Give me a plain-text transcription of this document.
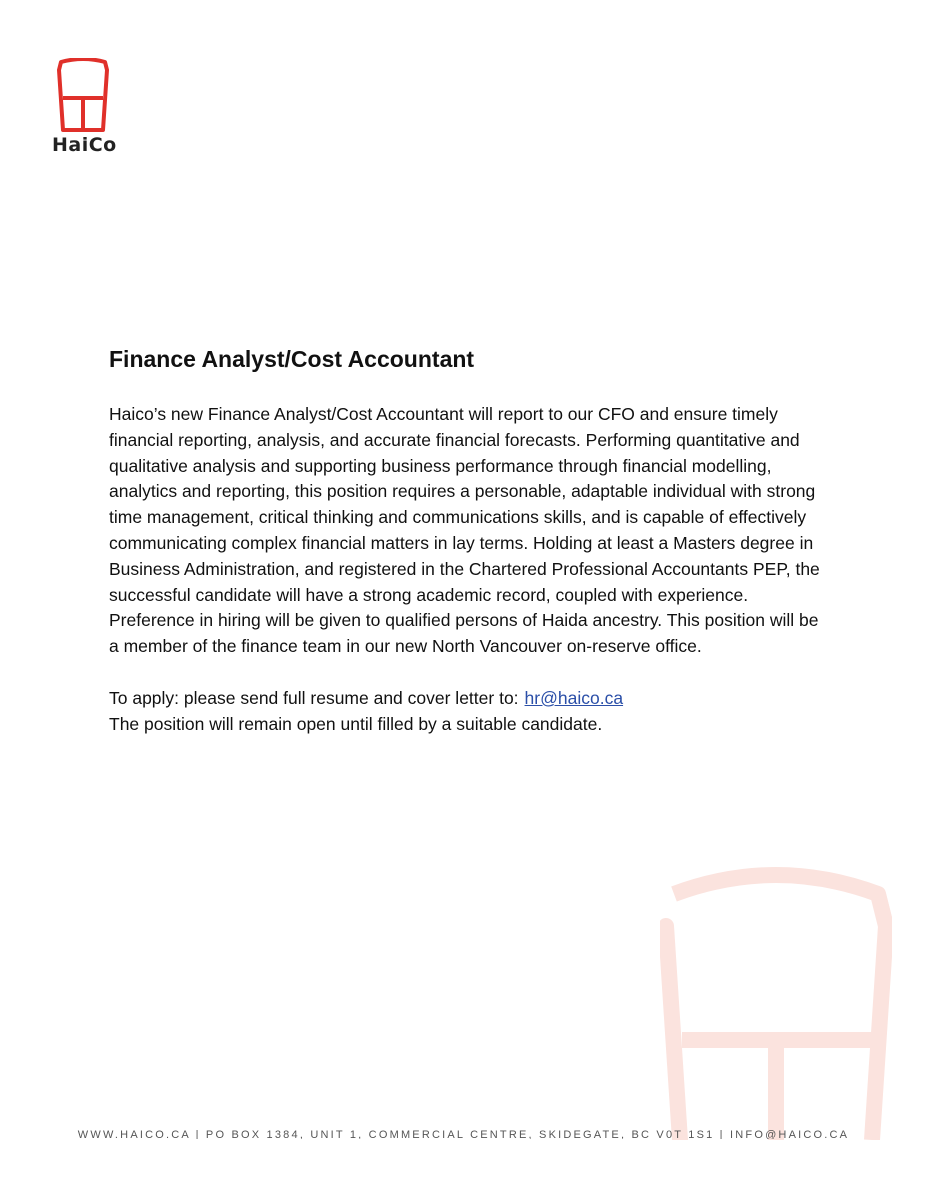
HaiCo
Finance Analyst/Cost Accountant

Haico’s new Finance Analyst/Cost Accountant will report to our CFO and ensure timely financial reporting, analysis, and accurate financial forecasts. Performing quantitative and qualitative analysis and supporting business performance through financial modelling, analytics and reporting, this position requires a personable, adaptable individual with strong time management, critical thinking and communications skills, and is capable of effectively communicating complex financial matters in lay terms. Holding at least a Masters degree in Business Administration, and registered in the Chartered Professional Accountants PEP, the successful candidate will have a strong academic record, coupled with experience. Preference in hiring will be given to qualified persons of Haida ancestry. This position will be a member of the finance team in our new North Vancouver on-reserve office.

To apply: please send full resume and cover letter to: hr@haico.ca
The position will remain open until filled by a suitable candidate.

WWW.HAICO.CA | PO BOX 1384, UNIT 1, COMMERCIAL CENTRE, SKIDEGATE, BC V0T 1S1 | INFO@HAICO.CA
